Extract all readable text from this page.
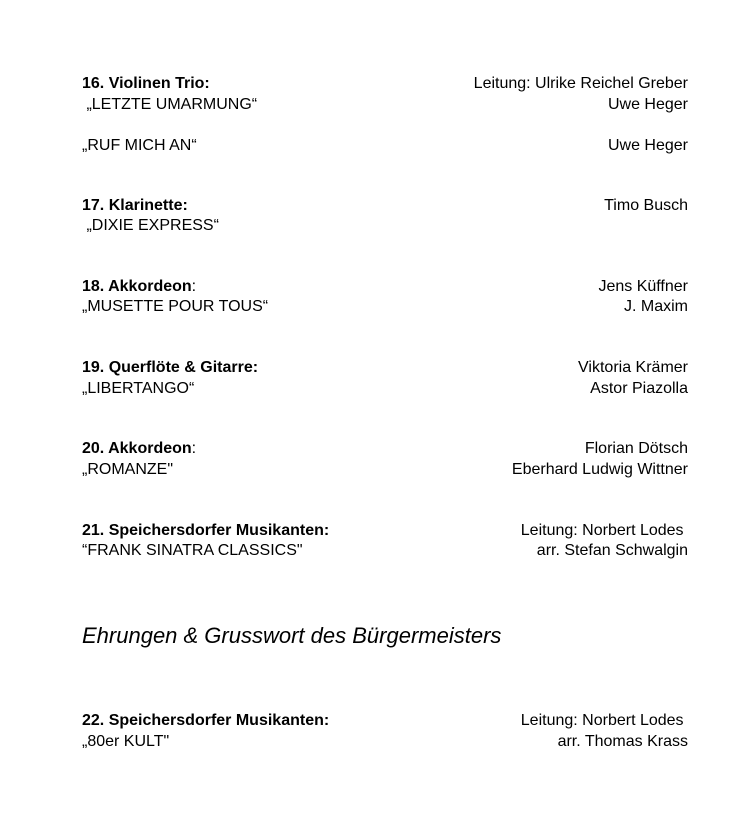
16. Violinen Trio:	Leitung: Ulrike Reichel Greber
„LETZTE UMARMUNG“	Uwe Heger
„RUF MICH AN“	Uwe Heger
17. Klarinette:	Timo Busch
„DIXIE EXPRESS“
18. Akkordeon:	Jens Küffner
„MUSETTE POUR TOUS“	J. Maxim
19. Querflöte & Gitarre:	Viktoria Krämer
„LIBERTANGO“	Astor Piazolla
20. Akkordeon:	Florian Dötsch
„ROMANZE"	Eberhard Ludwig Wittner
21. Speichersdorfer Musikanten:	Leitung: Norbert Lodes
“FRANK SINATRA CLASSICS"	arr. Stefan Schwalgin
Ehrungen & Grusswort des Bürgermeisters
22. Speichersdorfer Musikanten:	Leitung: Norbert Lodes
„80er KULT"	arr. Thomas Krass
